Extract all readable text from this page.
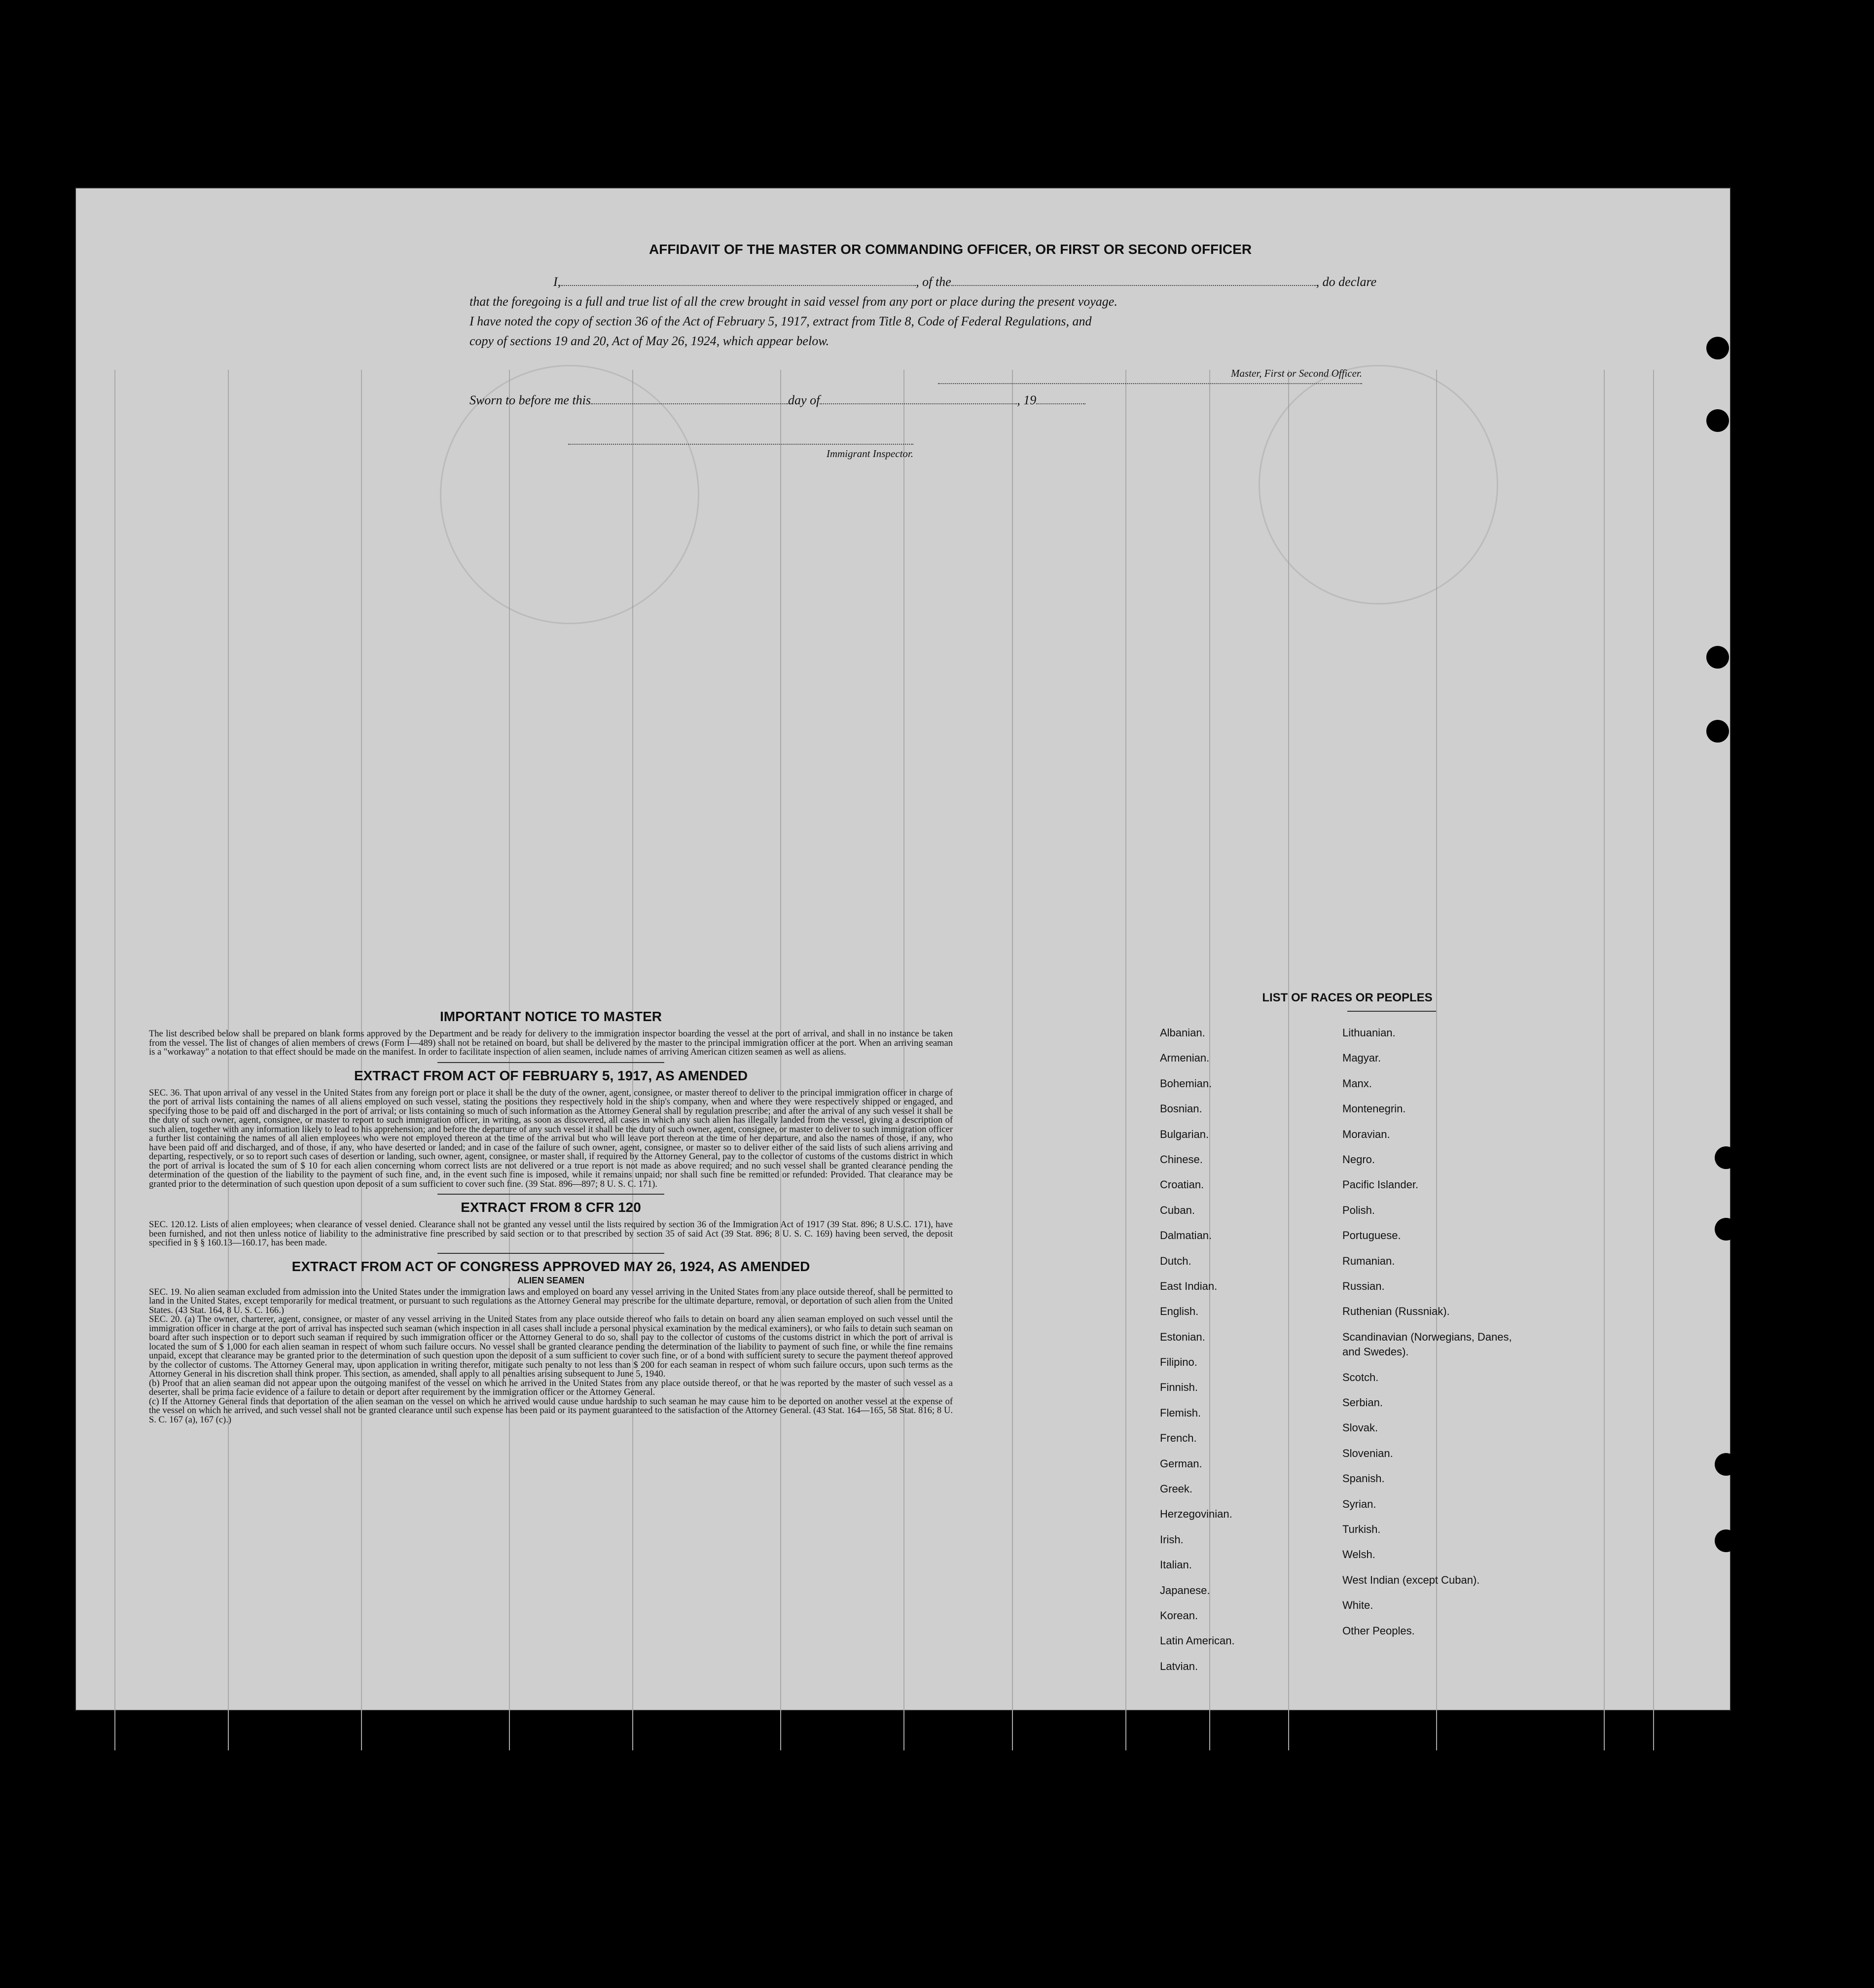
AFFIDAVIT OF THE MASTER OR COMMANDING OFFICER, OR FIRST OR SECOND OFFICER
I,	, of the	, do declare
that the foregoing is a full and true list of all the crew brought in said vessel from any port or place during the present voyage.
I have noted the copy of section 36 of the Act of February 5, 1917, extract from Title 8, Code of Federal Regulations, and
copy of sections 19 and 20, Act of May 26, 1924, which appear below.
Master, First or Second Officer.
Sworn to before me this	day of	, 19
Immigrant Inspector.
IMPORTANT NOTICE TO MASTER
The list described below shall be prepared on blank forms approved by the Department and be ready for delivery to the immigration inspector boarding the vessel at the port of arrival, and shall in no instance be taken from the vessel. The list of changes of alien members of crews (Form I—489) shall not be retained on board, but shall be delivered by the master to the principal immigration officer at the port. When an arriving seaman is a "workaway" a notation to that effect should be made on the manifest. In order to facilitate inspection of alien seamen, include names of arriving American citizen seamen as well as aliens.
EXTRACT FROM ACT OF FEBRUARY 5, 1917, AS AMENDED
SEC. 36. That upon arrival of any vessel in the United States from any foreign port or place it shall be the duty of the owner, agent, consignee, or master thereof to deliver to the principal immigration officer in charge of the port of arrival lists containing the names of all aliens employed on such vessel, stating the positions they respectively hold in the ship's company, when and where they were respectively shipped or engaged, and specifying those to be paid off and discharged in the port of arrival; or lists containing so much of such information as the Attorney General shall by regulation prescribe; and after the arrival of any such vessel it shall be the duty of such owner, agent, consignee, or master to report to such immigration officer, in writing, as soon as discovered, all cases in which any such alien has illegally landed from the vessel, giving a description of such alien, together with any information likely to lead to his apprehension; and before the departure of any such vessel it shall be the duty of such owner, agent, consignee, or master to deliver to such immigration officer a further list containing the names of all alien employees who were not employed thereon at the time of the arrival but who will leave port thereon at the time of her departure, and also the names of those, if any, who have been paid off and discharged, and of those, if any, who have deserted or landed; and in case of the failure of such owner, agent, consignee, or master so to deliver either of the said lists of such aliens arriving and departing, respectively, or so to report such cases of desertion or landing, such owner, agent, consignee, or master shall, if required by the Attorney General, pay to the collector of customs of the customs district in which the port of arrival is located the sum of $ 10 for each alien concerning whom correct lists are not delivered or a true report is not made as above required; and no such vessel shall be granted clearance pending the determination of the question of the liability to the payment of such fine, and, in the event such fine is imposed, while it remains unpaid; nor shall such fine be remitted or refunded: Provided. That clearance may be granted prior to the determination of such question upon deposit of a sum sufficient to cover such fine. (39 Stat. 896—897; 8 U. S. C. 171).
EXTRACT FROM 8 CFR 120
SEC. 120.12. Lists of alien employees; when clearance of vessel denied. Clearance shall not be granted any vessel until the lists required by section 36 of the Immigration Act of 1917 (39 Stat. 896; 8 U.S.C. 171), have been furnished, and not then unless notice of liability to the administrative fine prescribed by said section or to that prescribed by section 35 of said Act (39 Stat. 896; 8 U. S. C. 169) having been served, the deposit specified in § § 160.13—160.17, has been made.
EXTRACT FROM ACT OF CONGRESS APPROVED MAY 26, 1924, AS AMENDED
ALIEN SEAMEN
SEC. 19. No alien seaman excluded from admission into the United States under the immigration laws and employed on board any vessel arriving in the United States from any place outside thereof, shall be permitted to land in the United States, except temporarily for medical treatment, or pursuant to such regulations as the Attorney General may prescribe for the ultimate departure, removal, or deportation of such alien from the United States. (43 Stat. 164, 8 U. S. C. 166.)
SEC. 20. (a) The owner, charterer, agent, consignee, or master of any vessel arriving in the United States from any place outside thereof who fails to detain on board any alien seaman employed on such vessel until the immigration officer in charge at the port of arrival has inspected such seaman (which inspection in all cases shall include a personal physical examination by the medical examiners), or who fails to detain such seaman on board after such inspection or to deport such seaman if required by such immigration officer or the Attorney General to do so, shall pay to the collector of customs of the customs district in which the port of arrival is located the sum of $ 1,000 for each alien seaman in respect of whom such failure occurs. No vessel shall be granted clearance pending the determination of the liability to payment of such fine, or while the fine remains unpaid, except that clearance may be granted prior to the determination of such question upon the deposit of a sum sufficient to cover such fine, or of a bond with sufficient surety to secure the payment thereof approved by the collector of customs. The Attorney General may, upon application in writing therefor, mitigate such penalty to not less than $ 200 for each seaman in respect of whom such failure occurs, upon such terms as the Attorney General in his discretion shall think proper. This section, as amended, shall apply to all penalties arising subsequent to June 5, 1940.
(b) Proof that an alien seaman did not appear upon the outgoing manifest of the vessel on which he arrived in the United States from any place outside thereof, or that he was reported by the master of such vessel as a deserter, shall be prima facie evidence of a failure to detain or deport after requirement by the immigration officer or the Attorney General.
(c) If the Attorney General finds that deportation of the alien seaman on the vessel on which he arrived would cause undue hardship to such seaman he may cause him to be deported on another vessel at the expense of the vessel on which he arrived, and such vessel shall not be granted clearance until such expense has been paid or its payment guaranteed to the satisfaction of the Attorney General. (43 Stat. 164—165, 58 Stat. 816; 8 U. S. C. 167 (a), 167 (c).)
LIST OF RACES OR PEOPLES
Albanian.
Armenian.
Bohemian.
Bosnian.
Bulgarian.
Chinese.
Croatian.
Cuban.
Dalmatian.
Dutch.
East Indian.
English.
Estonian.
Filipino.
Finnish.
Flemish.
French.
German.
Greek.
Herzegovinian.
Irish.
Italian.
Japanese.
Korean.
Latin American.
Latvian.
Lithuanian.
Magyar.
Manx.
Montenegrin.
Moravian.
Negro.
Pacific Islander.
Polish.
Portuguese.
Rumanian.
Russian.
Ruthenian (Russniak).
Scandinavian (Norwegians, Danes, and Swedes).
Scotch.
Serbian.
Slovak.
Slovenian.
Spanish.
Syrian.
Turkish.
Welsh.
West Indian (except Cuban).
White.
Other Peoples.
